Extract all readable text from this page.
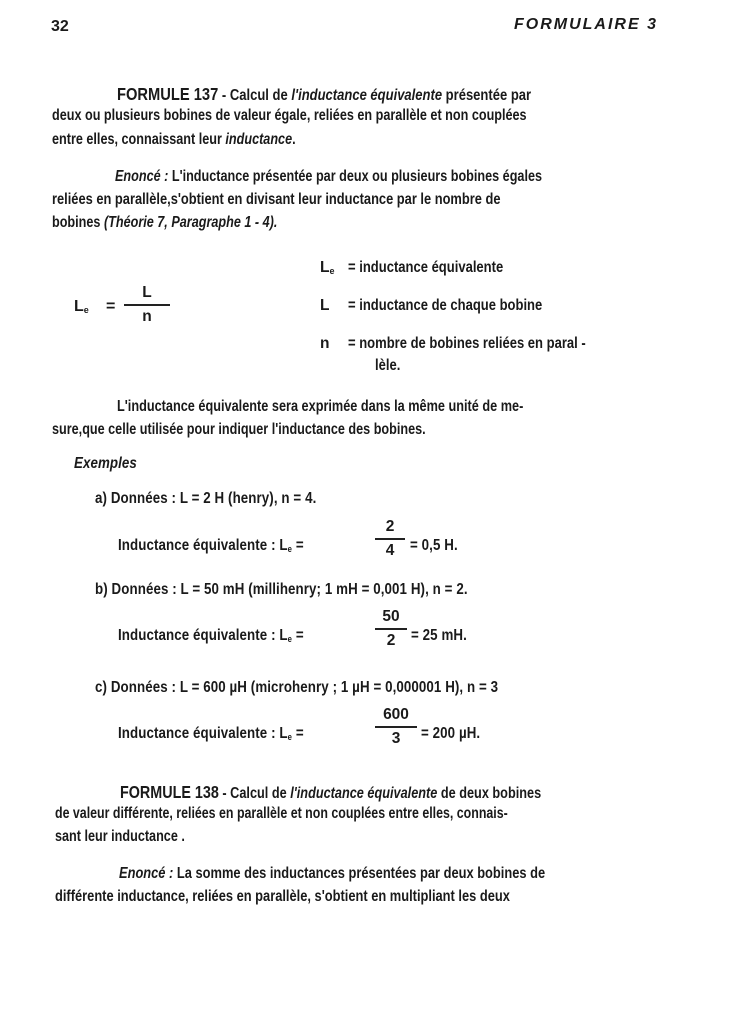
32	FORMULAIRE 3
FORMULE 137 - Calcul de l'inductance équivalente présentée par
deux ou plusieurs bobines de valeur égale, reliées en parallèle et non couplées
entre elles, connaissant leur inductance.
Enoncé : L'inductance présentée par deux ou plusieurs bobines égales
reliées en parallèle,s'obtient en divisant leur inductance par le nombre de
bobines (Théorie 7, Paragraphe 1 - 4).
$L_e$ =
L
n
$L_e$ = inductance équivalente
L = inductance de chaque bobine
n = nombre de bobines reliées en paral -
lèle.
L'inductance équivalente sera exprimée dans la même unité de me-
sure,que celle utilisée pour indiquer l'inductance des bobines.
Exemples
a) Données : L = 2 H (henry), n = 4.
Inductance équivalente : $L_e$ =
2
4	= 0,5 H.
b) Données : L = 50 mH (millihenry; 1 mH = 0,001 H), n = 2.
Inductance équivalente : $L_e$ =
50
2	= 25 mH.
c) Données : L = 600 µH (microhenry ; 1 µH = 0,000001 H), n = 3
Inductance équivalente : $L_e$ =
600
3	= 200 µH.
FORMULE 138 - Calcul de l'inductance équivalente de deux bobines
de valeur différente, reliées en parallèle et non couplées entre elles, connais-
sant leur inductance .
Enoncé : La somme des inductances présentées par deux bobines de
différente inductance, reliées en parallèle, s'obtient en multipliant les deux
